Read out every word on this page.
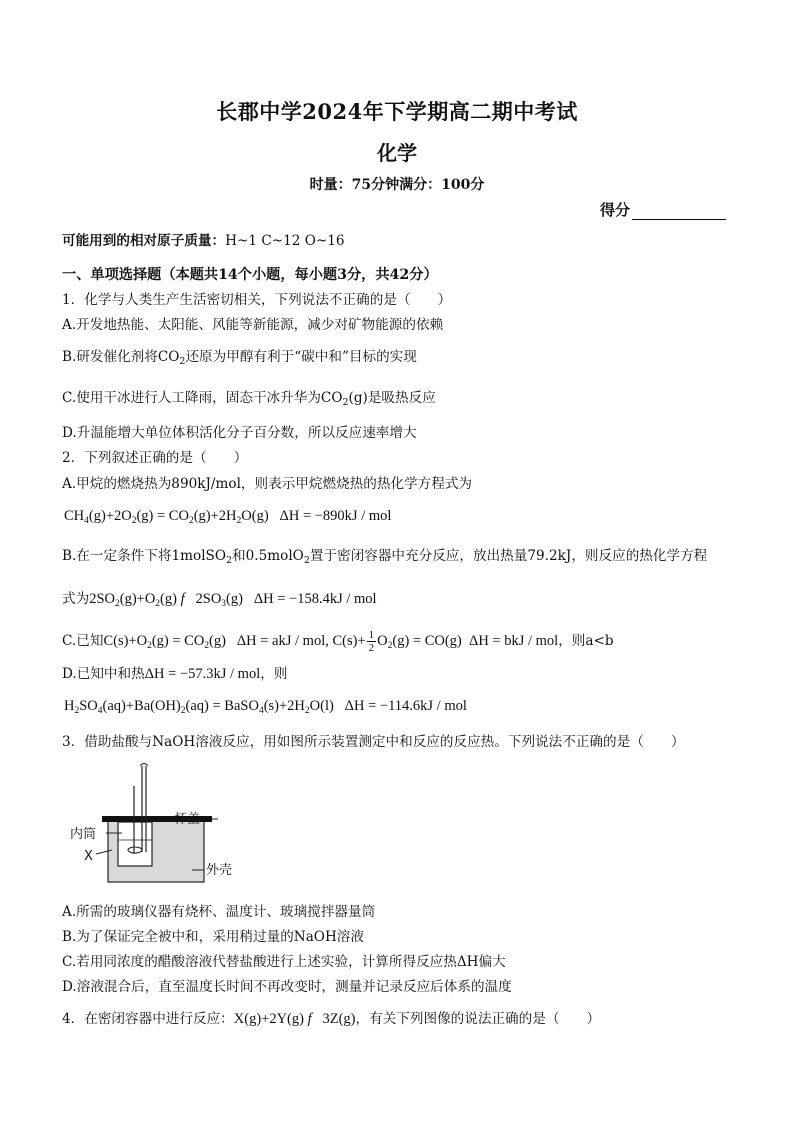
长郡中学2024年下学期高二期中考试
化学
时量：75分钟满分：100分
得分
可能用到的相对原子质量：H~1 C~12 O~16
一、单项选择题（本题共14个小题，每小题3分，共42分）
1．化学与人类生产生活密切相关，下列说法不正确的是（　　）
A.开发地热能、太阳能、风能等新能源，减少对矿物能源的依赖
B.研发催化剂将$CO_2$还原为甲醇有利于“碳中和”目标的实现
C.使用干冰进行人工降雨，固态干冰升华为$CO_2(g)$是吸热反应
D.升温能增大单位体积活化分子百分数，所以反应速率增大
2．下列叙述正确的是（　　）
A.甲烷的燃烧热为890kJ/mol，则表示甲烷燃烧热的热化学方程式为
$CH_4(g)+2O_2(g) = CO_2(g)+2H_2O(g) \Delta H = -890kJ$ / mol
B.在一定条件下将1molSO$_2$和0.5molO$_2$置于密闭容器中充分反应，放出热量79.2kJ，则反应的热化学方程
式为$2SO_2(g)+O_2(g)$ f   $2SO_3(g) \Delta H = -158.4kJ$ / mol
C.已知$C(s)+O_2(g) = CO_2(g) \Delta H$ = akJ / mol, $C(s)+ \frac{1}{2} O_2(g) = CO(g) \Delta H$ = bkJ / mol，则a<b
D.已知中和热ΔH = −57.3kJ / mol，则
$H_2SO_4(aq)+Ba(OH)_2(aq)$ = $BaSO_4(s)+2H_2O(l) \Delta H = -114.6kJ$ / mol
3．借助盐酸与NaOH溶液反应，用如图所示装置测定中和反应的反应热。下列说法不正确的是（　　）
杯盖
内筒
X
外壳
A.所需的玻璃仪器有烧杯、温度计、玻璃搅拌器量筒
B.为了保证完全被中和，采用稍过量的NaOH溶液
C.若用同浓度的醋酸溶液代替盐酸进行上述实验，计算所得反应热ΔH偏大
D.溶液混合后，直至温度长时间不再改变时，测量并记录反应后体系的温度
4．在密闭容器中进行反应：X(g)+2Y(g) f   3Z(g)，有关下列图像的说法正确的是（　　）
